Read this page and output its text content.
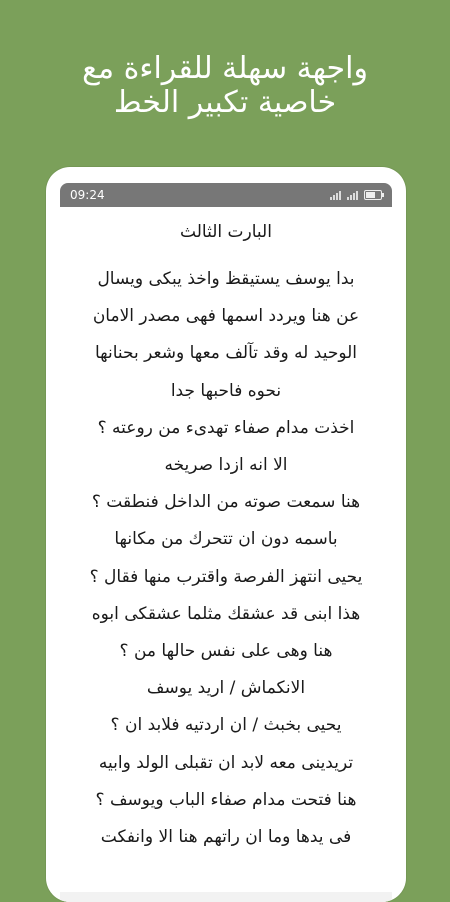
واجهة سهلة للقراءة مع
خاصية تكبير الخط
09:24
البارت الثالث

بدا يوسف يستيقظ واخذ يبكى ويسال

عن هنا ويردد اسمها فهى مصدر الامان

الوحيد له وقد تآلف معها وشعر بحنانها

نحوه فاحبها جدا

اخذت مدام صفاء تهدىء من روعته ؟

الا انه ازدا صريخه

هنا سمعت صوته من الداخل فنطقت ؟

باسمه دون ان تتحرك من مكانها

يحيى انتهز الفرصة واقترب منها فقال ؟

هذا ابنى قد عشقك مثلما عشقكى ابوه

هنا وهى على نفس حالها من ؟

الانكماش / اريد يوسف

يحيى بخبث / ان اردتيه فلابد ان ؟

تريدينى معه لابد ان تقبلى الولد وابيه

هنا فتحت مدام صفاء الباب ويوسف ؟

فى يدها وما ان راتهم هنا الا وانفكت
